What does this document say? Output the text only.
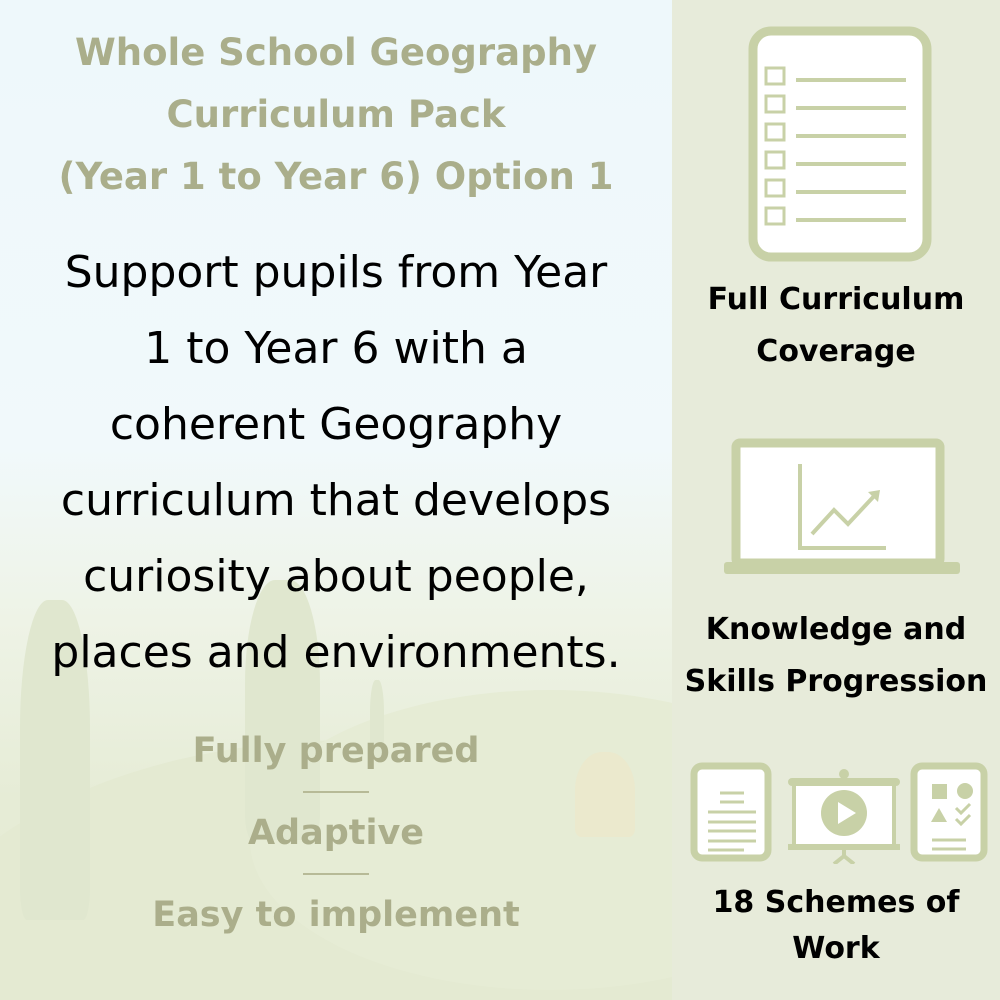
Whole School Geography
Curriculum Pack
(Year 1 to Year 6) Option 1
Support pupils from Year
1 to Year 6 with a
coherent Geography
curriculum that develops
curiosity about people,
places and environments.
Fully prepared
Adaptive
Easy to implement
Full Curriculum
Coverage
Knowledge and
Skills Progression
18 Schemes of
Work
